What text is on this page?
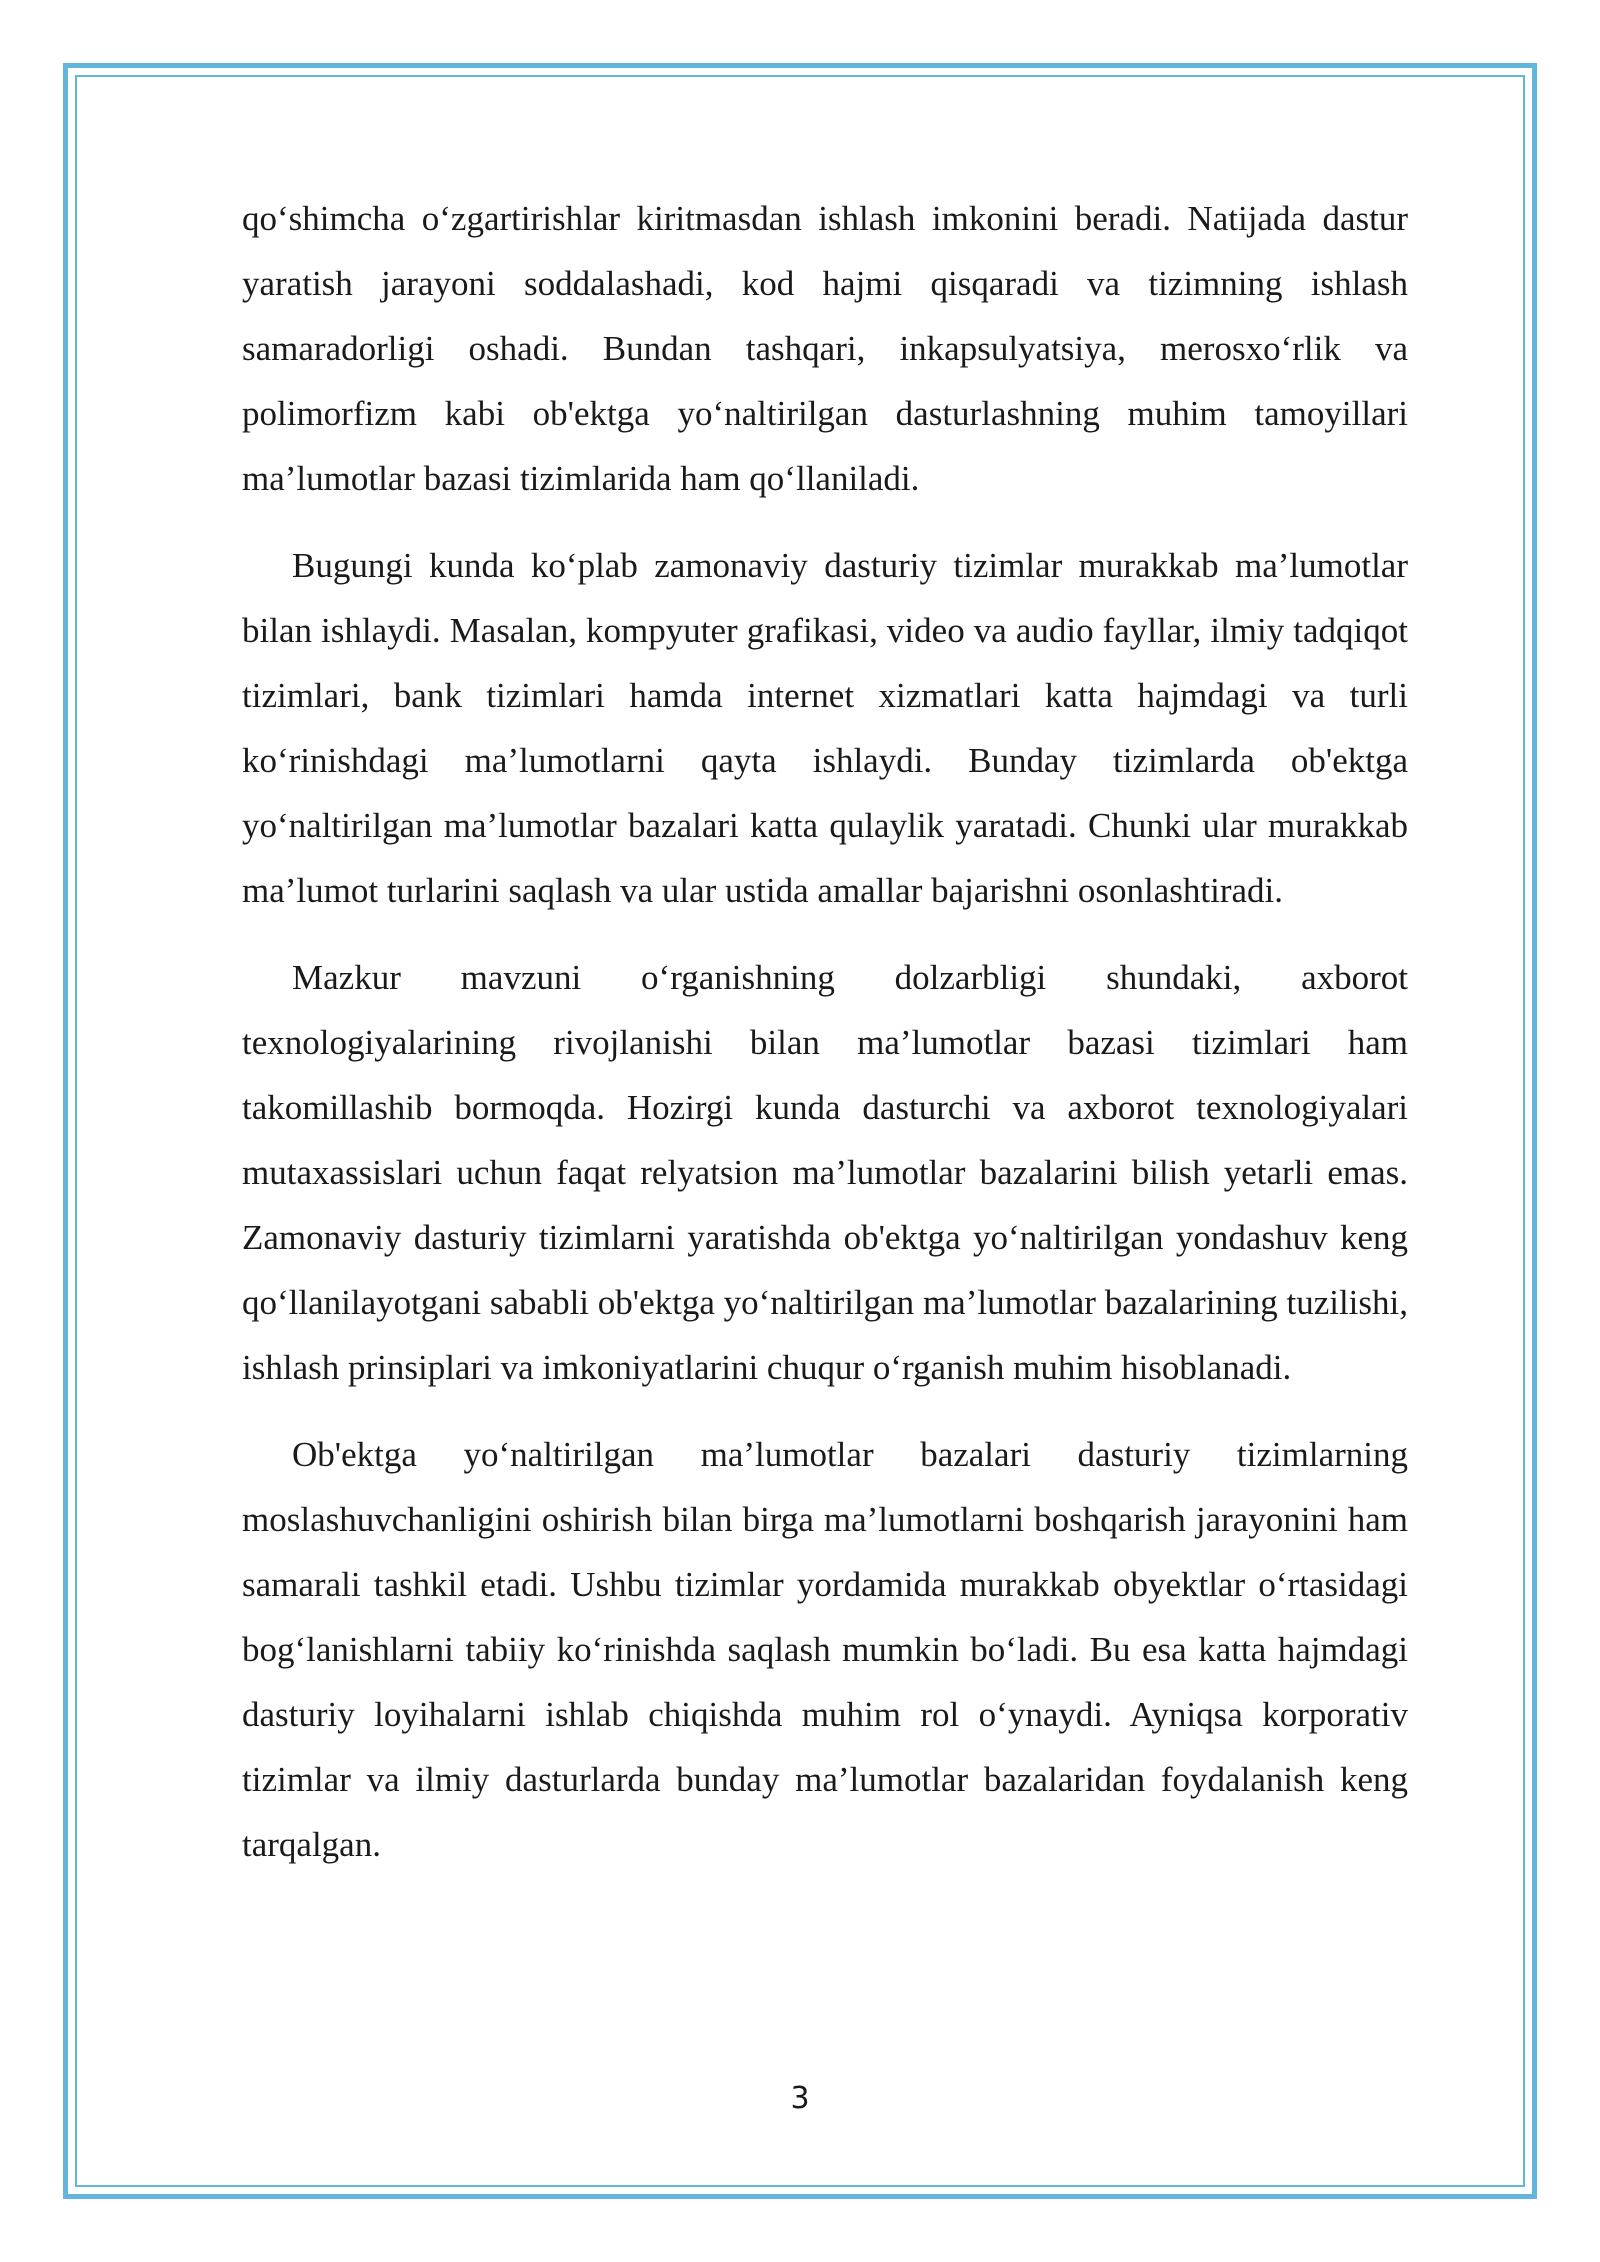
qo‘shimcha o‘zgartirishlar kiritmasdan ishlash imkonini beradi. Natijada dastur yaratish jarayoni soddalashadi, kod hajmi qisqaradi va tizimning ishlash samaradorligi oshadi. Bundan tashqari, inkapsulyatsiya, merosxo‘rlik va polimorfizm kabi ob'ektga yo‘naltirilgan dasturlashning muhim tamoyillari ma’lumotlar bazasi tizimlarida ham qo‘llaniladi.

Bugungi kunda ko‘plab zamonaviy dasturiy tizimlar murakkab ma’lumotlar bilan ishlaydi. Masalan, kompyuter grafikasi, video va audio fayllar, ilmiy tadqiqot tizimlari, bank tizimlari hamda internet xizmatlari katta hajmdagi va turli ko‘rinishdagi ma’lumotlarni qayta ishlaydi. Bunday tizimlarda ob'ektga yo‘naltirilgan ma’lumotlar bazalari katta qulaylik yaratadi. Chunki ular murakkab ma’lumot turlarini saqlash va ular ustida amallar bajarishni osonlashtiradi.

Mazkur mavzuni o‘rganishning dolzarbligi shundaki, axborot texnologiyalarining rivojlanishi bilan ma’lumotlar bazasi tizimlari ham takomillashib bormoqda. Hozirgi kunda dasturchi va axborot texnologiyalari mutaxassislari uchun faqat relyatsion ma’lumotlar bazalarini bilish yetarli emas. Zamonaviy dasturiy tizimlarni yaratishda ob'ektga yo‘naltirilgan yondashuv keng qo‘llanilayotgani sababli ob'ektga yo‘naltirilgan ma’lumotlar bazalarining tuzilishi, ishlash prinsiplari va imkoniyatlarini chuqur o‘rganish muhim hisoblanadi.

Ob'ektga yo‘naltirilgan ma’lumotlar bazalari dasturiy tizimlarning moslashuvchanligini oshirish bilan birga ma’lumotlarni boshqarish jarayonini ham samarali tashkil etadi. Ushbu tizimlar yordamida murakkab obyektlar o‘rtasidagi bog‘lanishlarni tabiiy ko‘rinishda saqlash mumkin bo‘ladi. Bu esa katta hajmdagi dasturiy loyihalarni ishlab chiqishda muhim rol o‘ynaydi. Ayniqsa korporativ tizimlar va ilmiy dasturlarda bunday ma’lumotlar bazalaridan foydalanish keng tarqalgan.

3
